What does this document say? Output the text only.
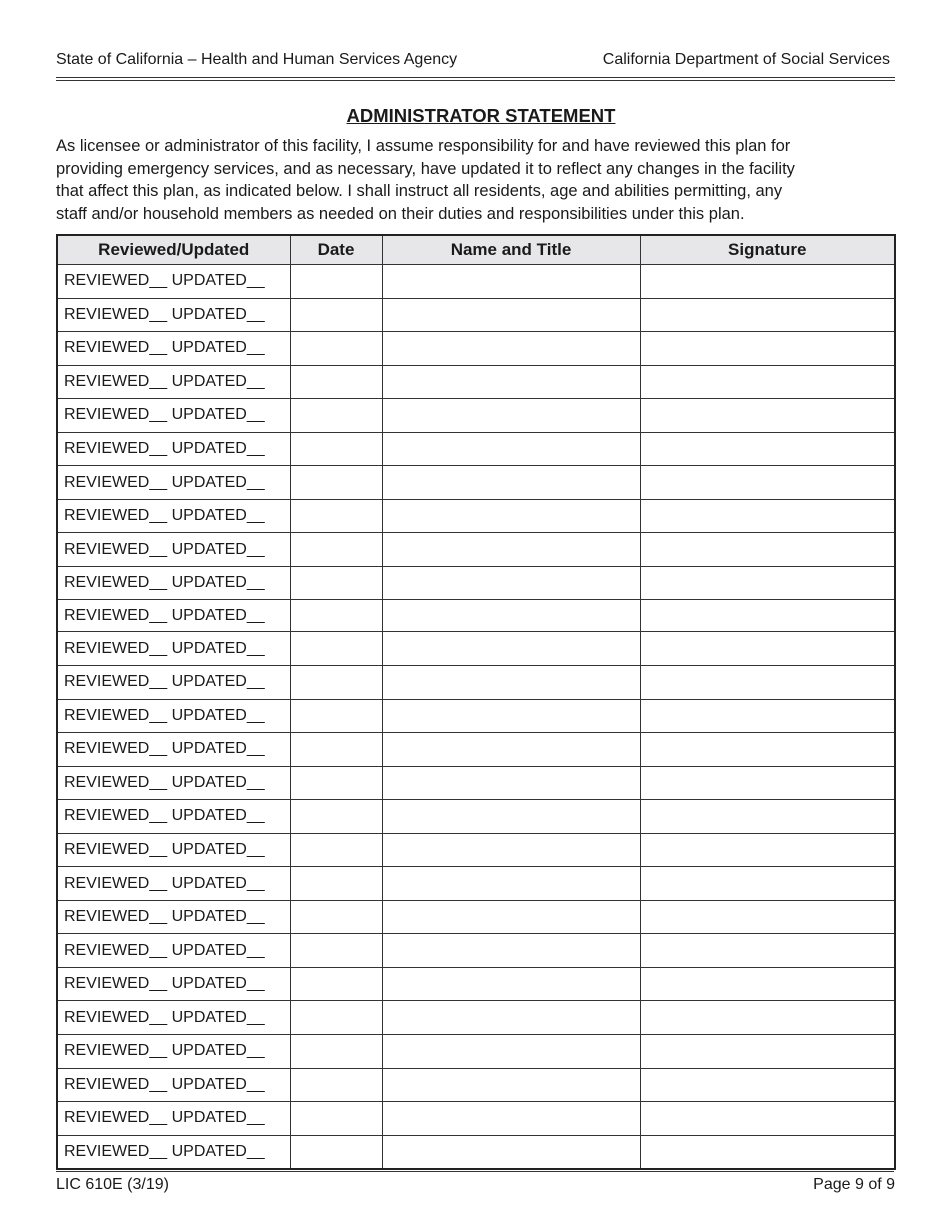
State of California – Health and Human Services Agency	California Department of Social Services
ADMINISTRATOR STATEMENT
As licensee or administrator of this facility, I assume responsibility for and have reviewed this plan for
providing emergency services, and as necessary, have updated it to reflect any changes in the facility
that affect this plan, as indicated below. I shall instruct all residents, age and abilities permitting, any
staff and/or household members as needed on their duties and responsibilities under this plan.
Reviewed/Updated	Date	Name and Title	Signature
REVIEWED__ UPDATED__			
REVIEWED__ UPDATED__			
REVIEWED__ UPDATED__			
REVIEWED__ UPDATED__			
REVIEWED__ UPDATED__			
REVIEWED__ UPDATED__			
REVIEWED__ UPDATED__			
REVIEWED__ UPDATED__			
REVIEWED__ UPDATED__			
REVIEWED__ UPDATED__			
REVIEWED__ UPDATED__			
REVIEWED__ UPDATED__			
REVIEWED__ UPDATED__			
REVIEWED__ UPDATED__			
REVIEWED__ UPDATED__			
REVIEWED__ UPDATED__			
REVIEWED__ UPDATED__			
REVIEWED__ UPDATED__			
REVIEWED__ UPDATED__			
REVIEWED__ UPDATED__			
REVIEWED__ UPDATED__			
REVIEWED__ UPDATED__			
REVIEWED__ UPDATED__			
REVIEWED__ UPDATED__			
REVIEWED__ UPDATED__			
REVIEWED__ UPDATED__			
REVIEWED__ UPDATED__			
LIC 610E (3/19)	Page 9 of 9
